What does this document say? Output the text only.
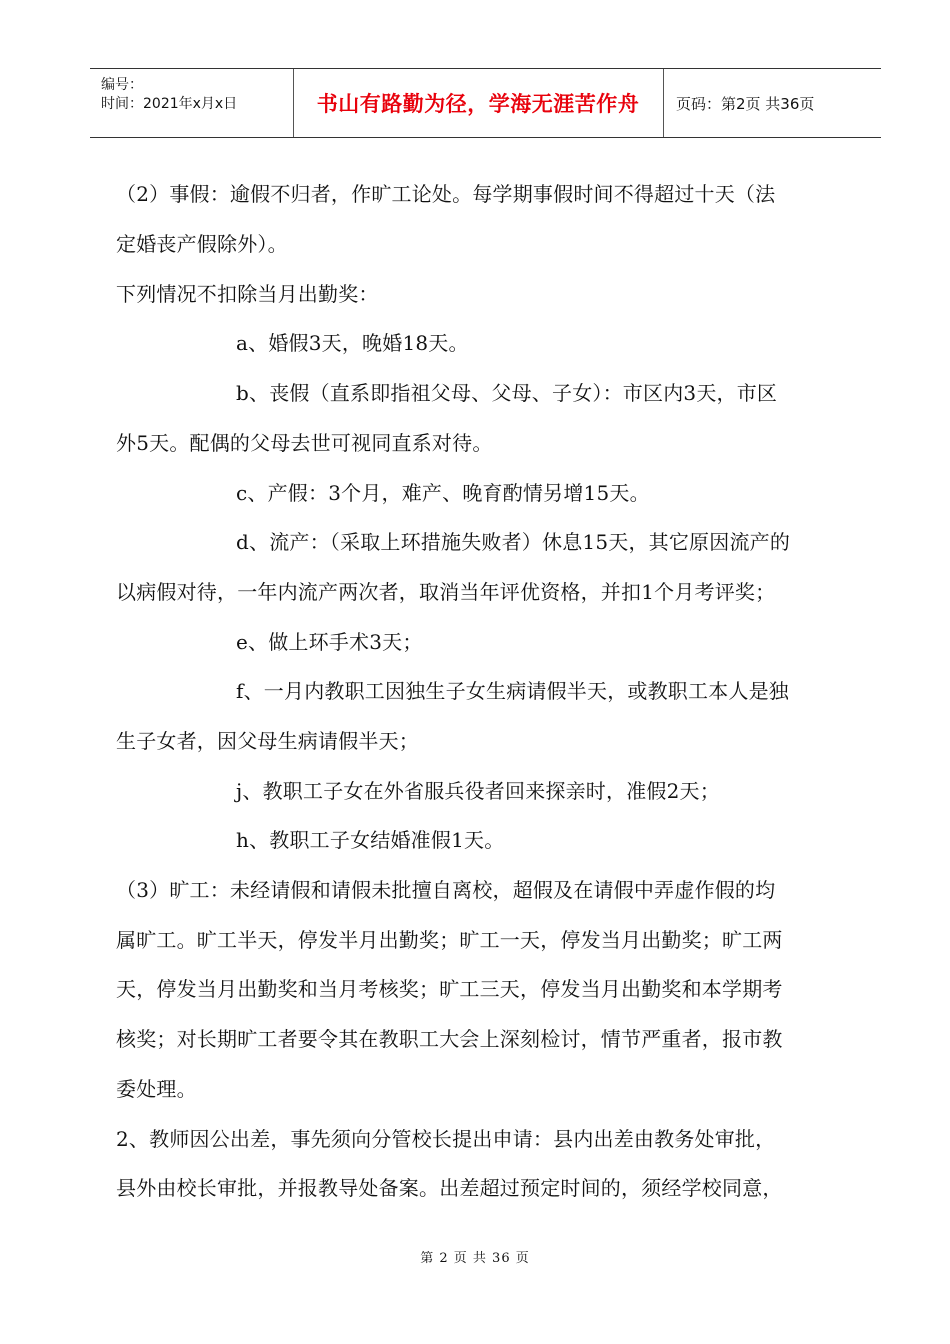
编号：
时间：2021年x月x日	书山有路勤为径，学海无涯苦作舟 页码：第2页 共36页
（2）事假：逾假不归者，作旷工论处。每学期事假时间不得超过十天（法
定婚丧产假除外）。
下列情况不扣除当月出勤奖：
a、婚假3天，晚婚18天。
b、丧假（直系即指祖父母、父母、子女）：市区内3天，市区
外5天。配偶的父母去世可视同直系对待。
c、产假：3个月，难产、晚育酌情另增15天。
d、流产：（采取上环措施失败者）休息15天，其它原因流产的
以病假对待，一年内流产两次者，取消当年评优资格，并扣1个月考评奖；
e、做上环手术3天；
f、一月内教职工因独生子女生病请假半天，或教职工本人是独
生子女者，因父母生病请假半天；
j、教职工子女在外省服兵役者回来探亲时，准假2天；
h、教职工子女结婚准假1天。
（3）旷工：未经请假和请假未批擅自离校，超假及在请假中弄虚作假的均
属旷工。旷工半天，停发半月出勤奖；旷工一天，停发当月出勤奖；旷工两
天，停发当月出勤奖和当月考核奖；旷工三天，停发当月出勤奖和本学期考
核奖；对长期旷工者要令其在教职工大会上深刻检讨，情节严重者，报市教
委处理。
2、教师因公出差，事先须向分管校长提出申请：县内出差由教务处审批，
县外由校长审批，并报教导处备案。出差超过预定时间的，须经学校同意，
第 2 页 共 36 页
